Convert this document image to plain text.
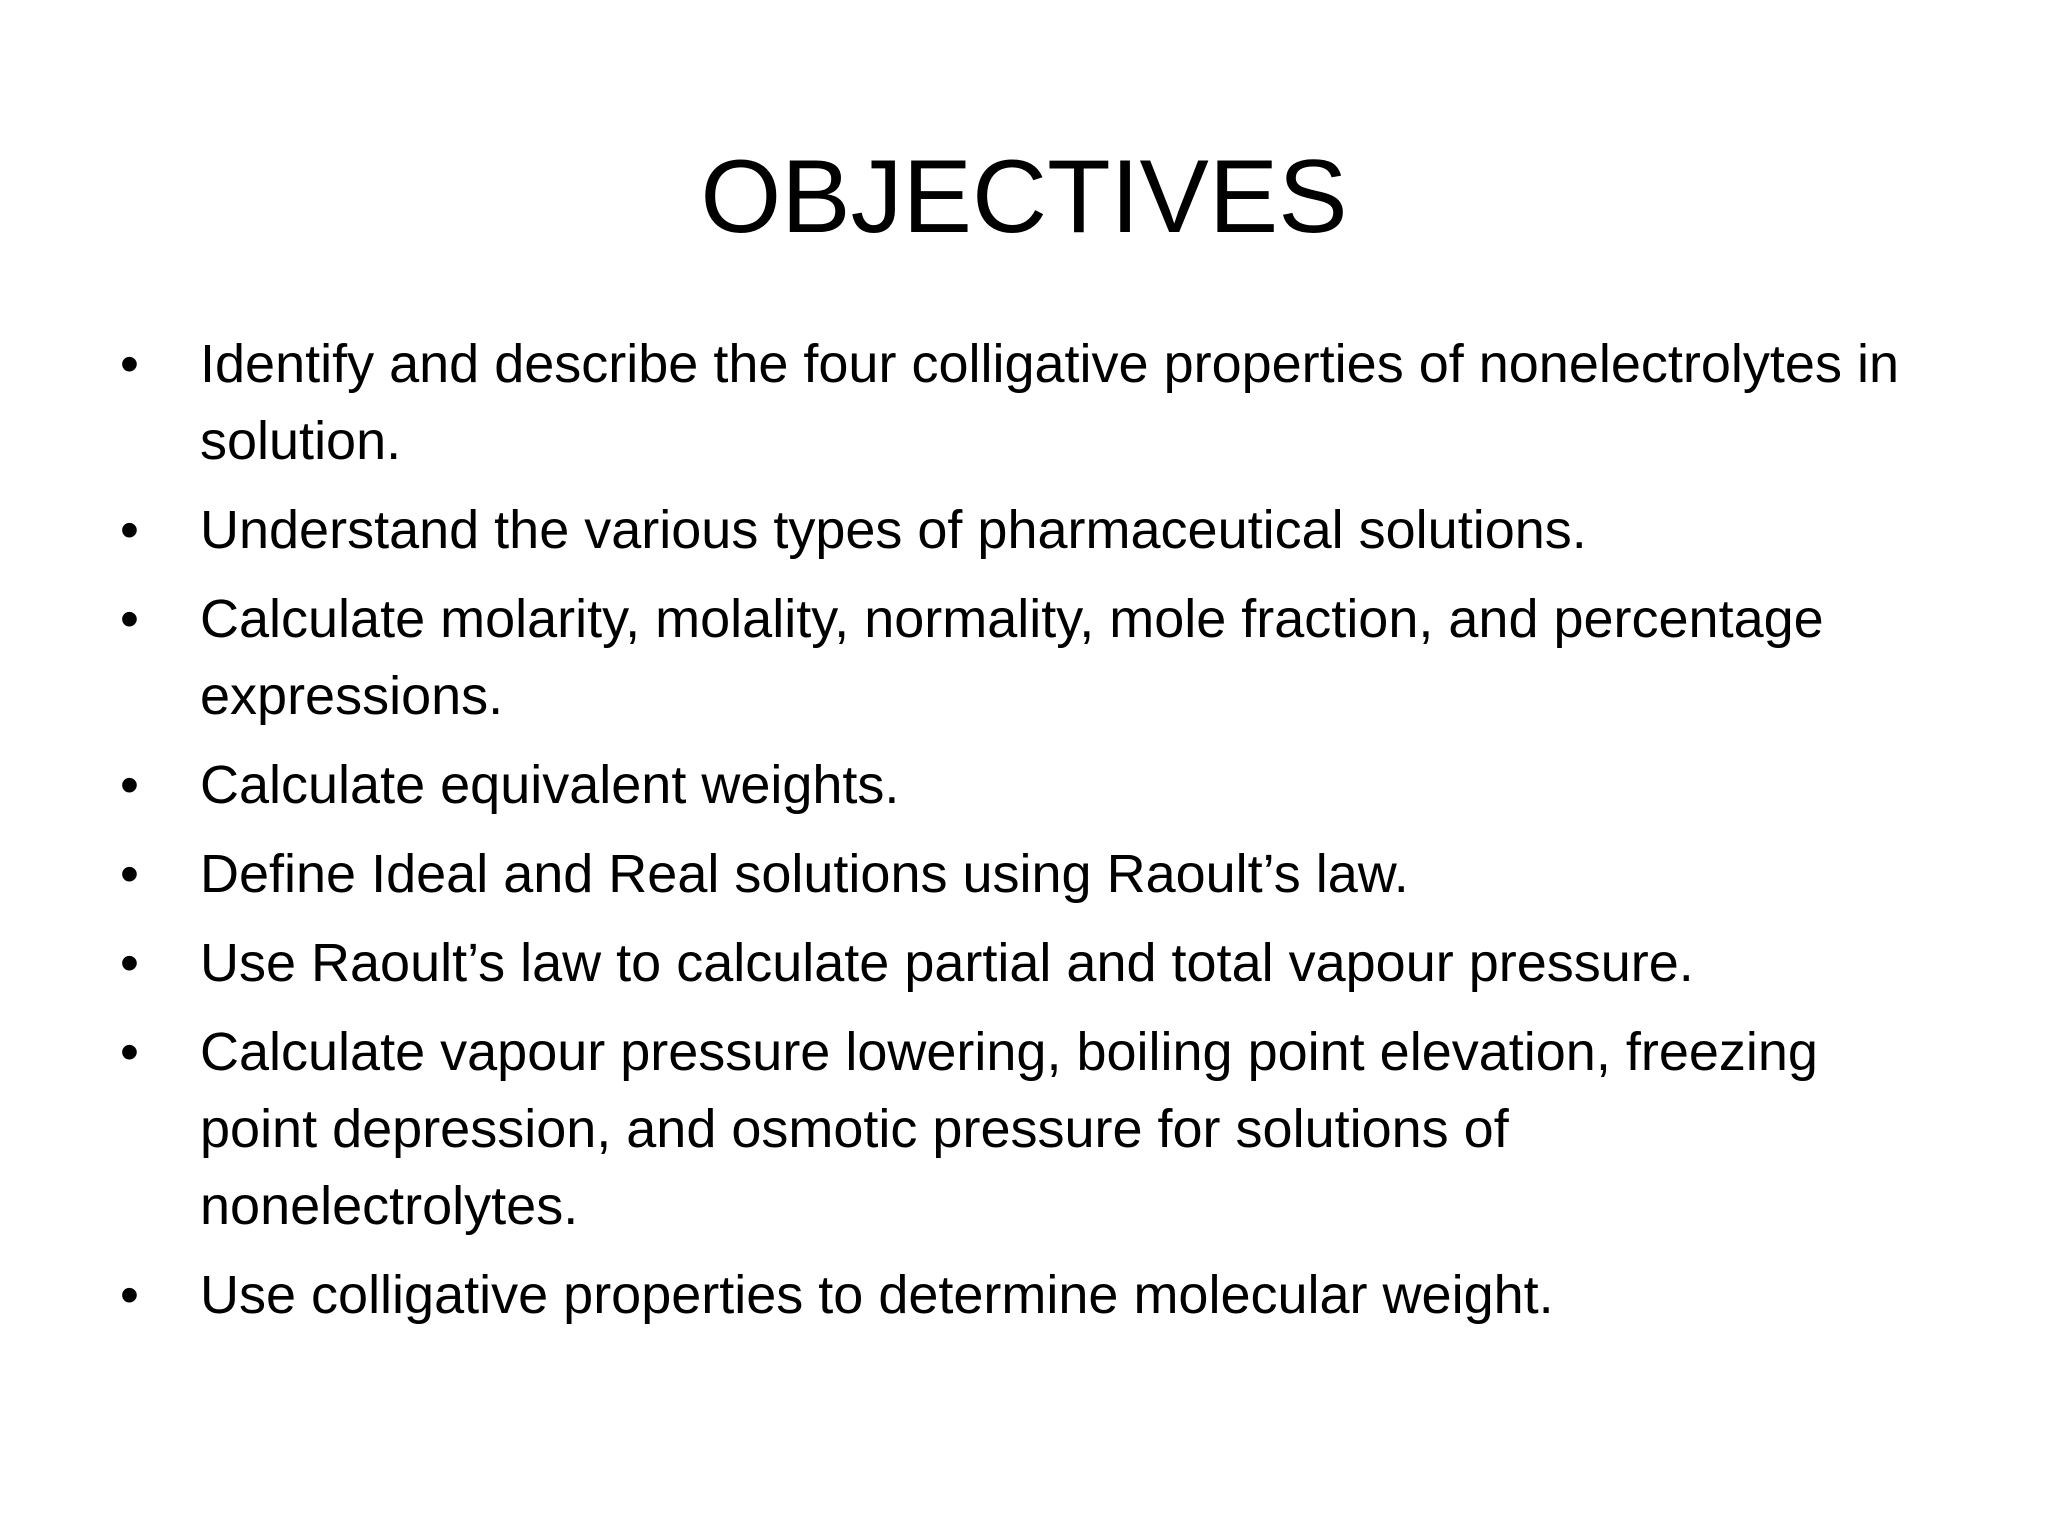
OBJECTIVES
• Identify and describe the four colligative properties of nonelectrolytes in solution.
• Understand the various types of pharmaceutical solutions.
• Calculate molarity, molality, normality, mole fraction, and percentage expressions.
• Calculate equivalent weights.
• Define Ideal and Real solutions using Raoult’s law.
• Use Raoult’s law to calculate partial and total vapour pressure.
• Calculate vapour pressure lowering, boiling point elevation, freezing point depression, and osmotic pressure for solutions of nonelectrolytes.
• Use colligative properties to determine molecular weight.
